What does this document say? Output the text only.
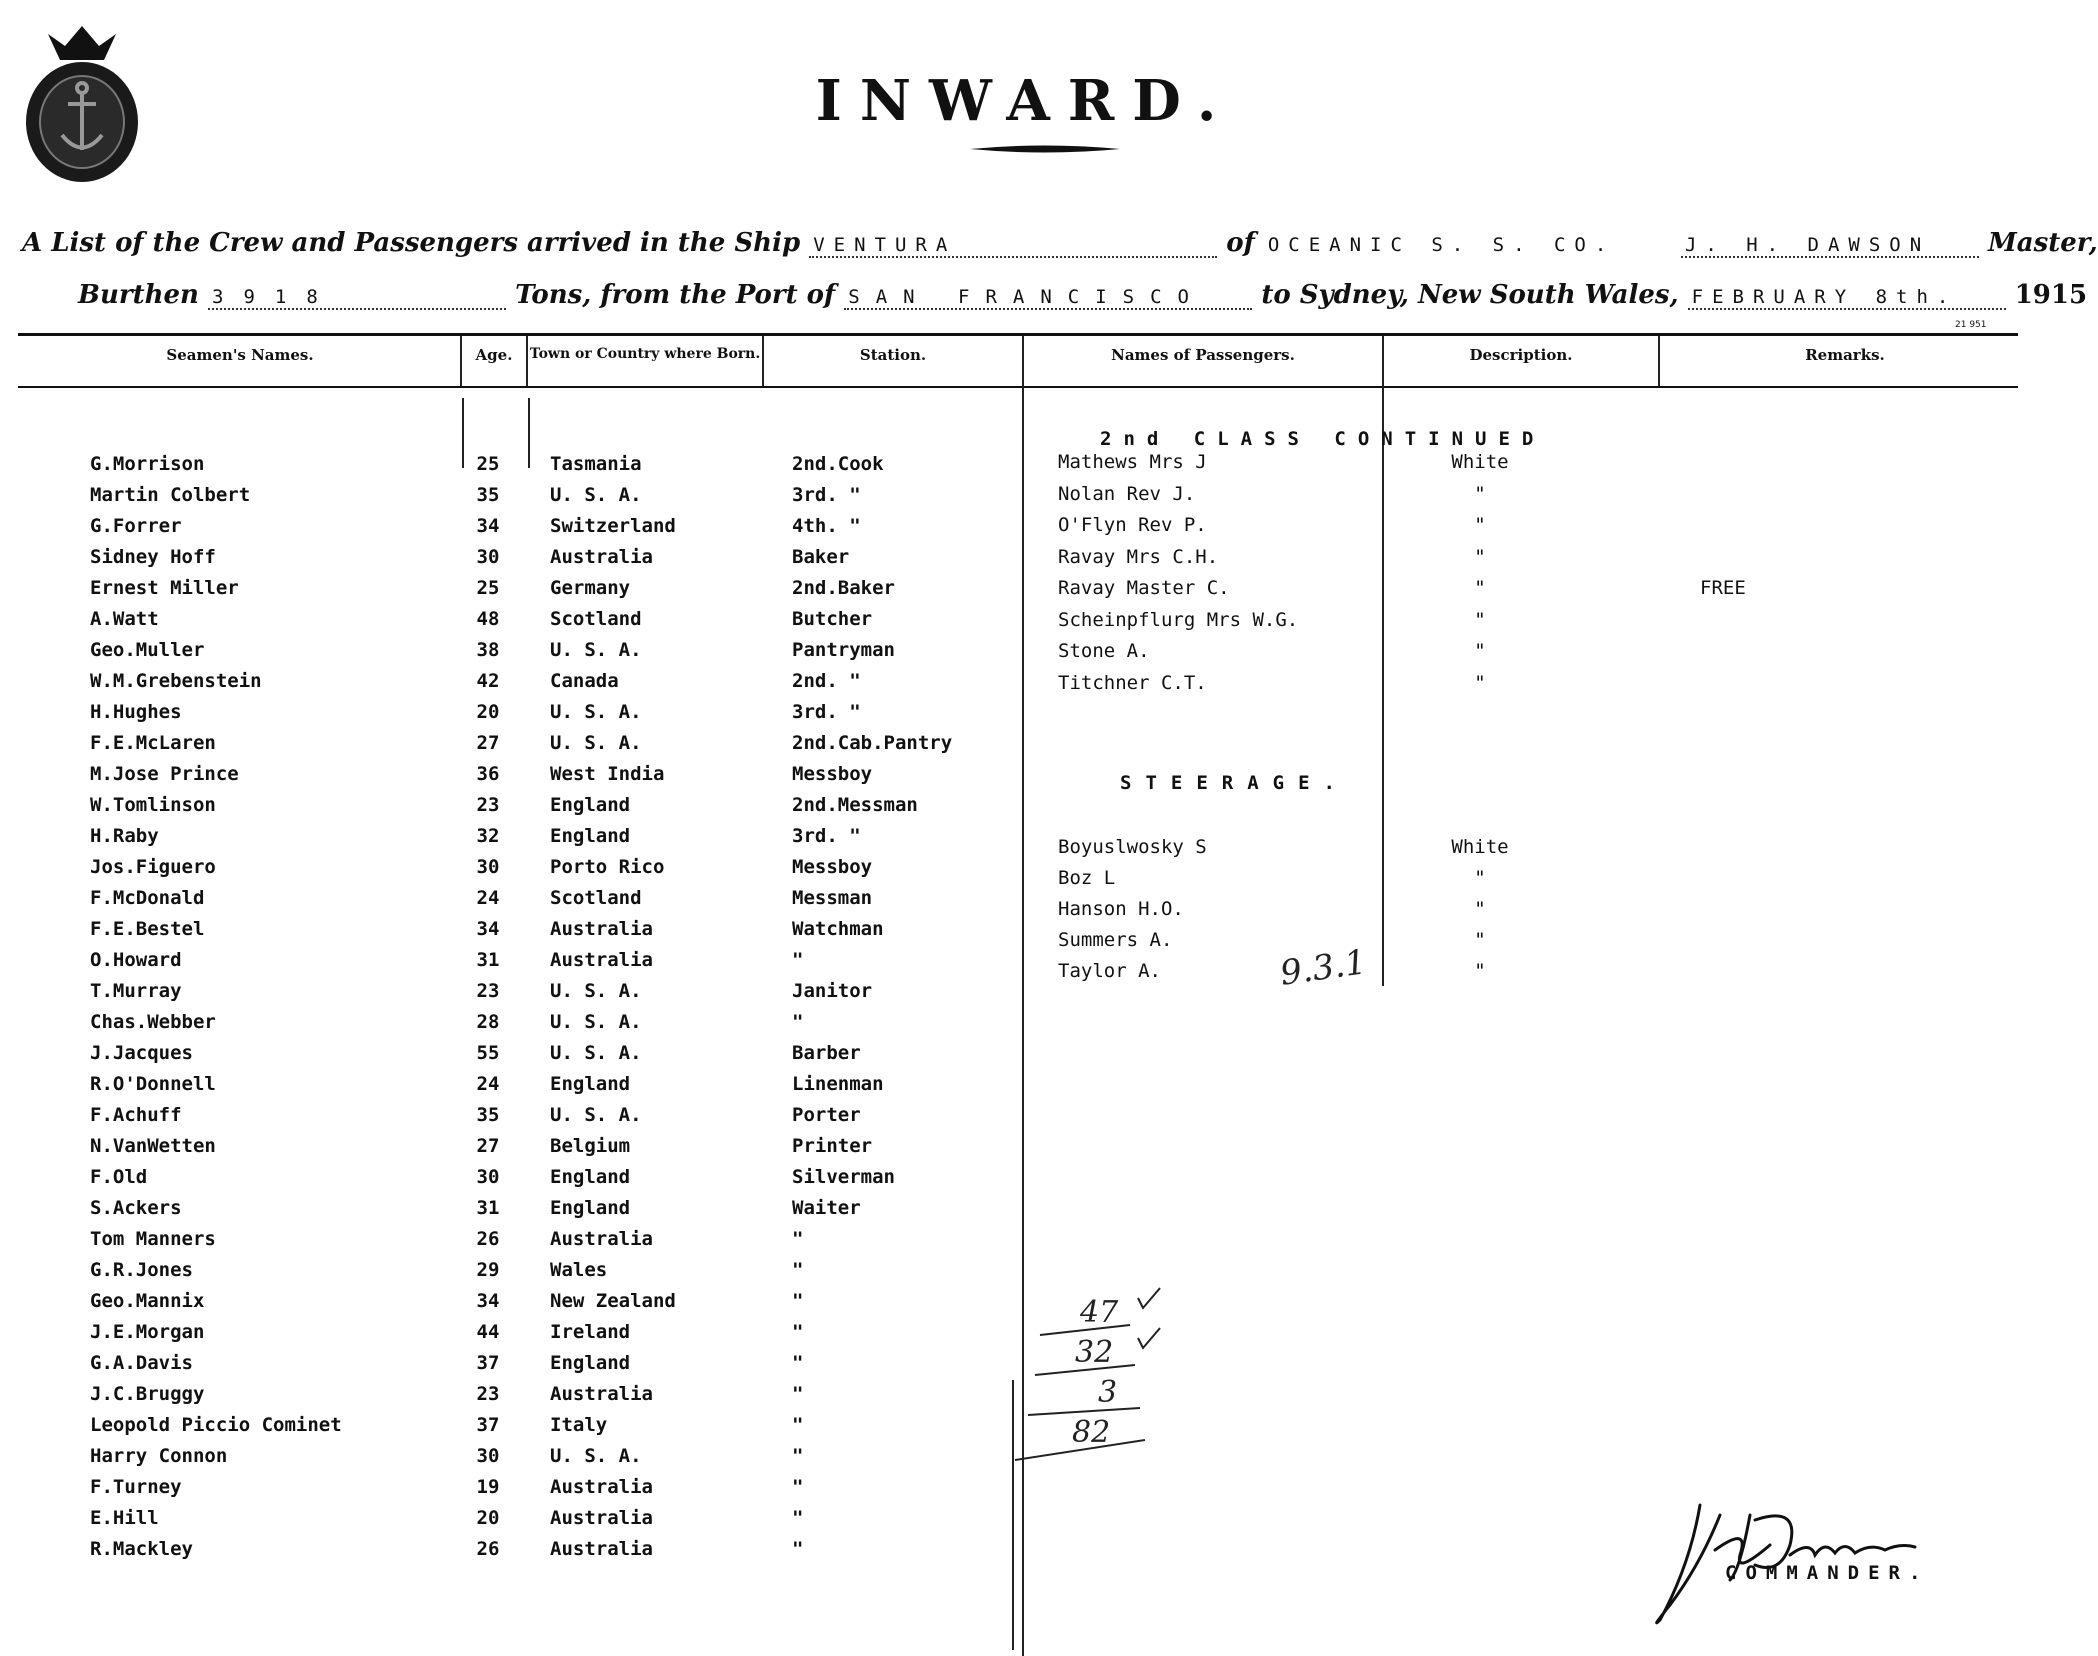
INWARD.
A List of the Crew and Passengers arrived in the Ship VENTURA	of OCEANIC S. S. CO.	J. H. DAWSON Master,
Burthen 3918	Tons, from the Port of SAN FRANCISCO to Sydney, New South Wales, FEBRUARY 8th. 1915
21 951
Seamen's Names.	Age.	Town or Country where Born.	Station.	Names of Passengers.	Description.	Remarks.
G.Morrison	25	Tasmania	2nd.Cook
Martin Colbert	35	U. S. A.	3rd. "
G.Forrer	34	Switzerland	4th. "
Sidney Hoff	30	Australia	Baker
Ernest Miller	25	Germany	2nd.Baker
A.Watt	48	Scotland	Butcher
Geo.Muller	38	U. S. A.	Pantryman
W.M.Grebenstein	42	Canada	2nd. "
H.Hughes	20	U. S. A.	3rd. "
F.E.McLaren	27	U. S. A.	2nd.Cab.Pantry
M.Jose Prince	36	West India	Messboy
W.Tomlinson	23	England	2nd.Messman
H.Raby	32	England	3rd. "
Jos.Figuero	30	Porto Rico	Messboy
F.McDonald	24	Scotland	Messman
F.E.Bestel	34	Australia	Watchman
O.Howard	31	Australia	"
T.Murray	23	U. S. A.	Janitor
Chas.Webber	28	U. S. A.	"
J.Jacques	55	U. S. A.	Barber
R.O'Donnell	24	England	Linenman
F.Achuff	35	U. S. A.	Porter
N.VanWetten	27	Belgium	Printer
F.Old	30	England	Silverman
S.Ackers	31	England	Waiter
Tom Manners	26	Australia	"
G.R.Jones	29	Wales	"
Geo.Mannix	34	New Zealand	"
J.E.Morgan	44	Ireland	"
G.A.Davis	37	England	"
J.C.Bruggy	23	Australia	"
Leopold Piccio Cominet	37	Italy	"
Harry Connon	30	U. S. A.	"
F.Turney	19	Australia	"
E.Hill	20	Australia	"
R.Mackley	26	Australia	"
2nd CLASS CONTINUED
Mathews Mrs J	White
Nolan Rev J.	"
O'Flyn Rev P.	"
Ravay Mrs C.H.	"
Ravay Master C.	"	FREE
Scheinpflurg Mrs W.G.	"
Stone A.	"
Titchner C.T.	"
STEERAGE.
Boyuslwosky S	White
Boz L	"
Hanson H.O.	"
Summers A.	"
Taylor A.	"
9.3.1
47
32
3
82
COMMANDER.
